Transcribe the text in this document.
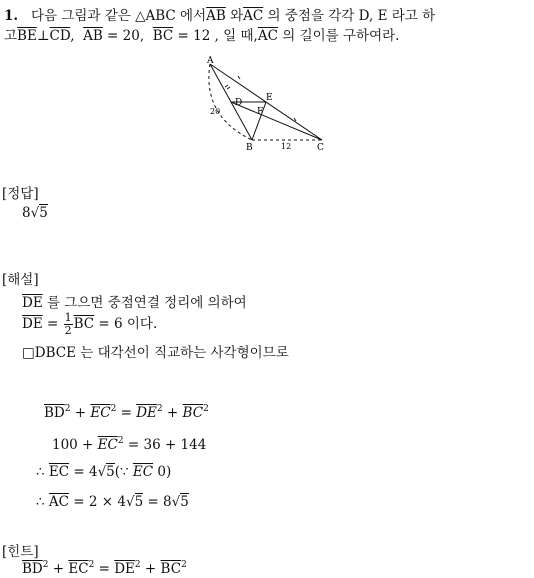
1. 다음 그림과 같은 △ABC 에서$\overline{AB}$ 와$\overline{AC}$ 의 중점을 각각 D, E 라고 하
고$\overline{BE}\perp\overline{CD}$,  $\overline{AB} = 20$, $\overline{B}\overline{C} = 12$ , 일 때$,\overline{AC}$ 의 길이를 구하여라.
A
D	E
F
B	C
20
12
[정답]
8√5
[해설]
$\overline{DE}$ 를 그으면 중점연결 정리에 의하여
$\overline{DE} = \frac{1}{2} \overline{BC} = 6$ 이다.
□DBCE 는 대각선이 직교하는 사각형이므로
$\overline{BD}^2 + \overline{EC}^2 = \overline{DE}^2 + \overline{BC}^2$
$100 + \overline{EC}^2 = 36 + 144$
∴ $\overline{EC}$ = 4√5(∵ $\overline{EC}$ 0)
∴ $\overline{AC} = 2 \times 4√5 = 8√5$
[힌트]
$\overline{BD}^2 + \overline{EC}^2 = \overline{DE}^2 + \overline{BC}^2$
